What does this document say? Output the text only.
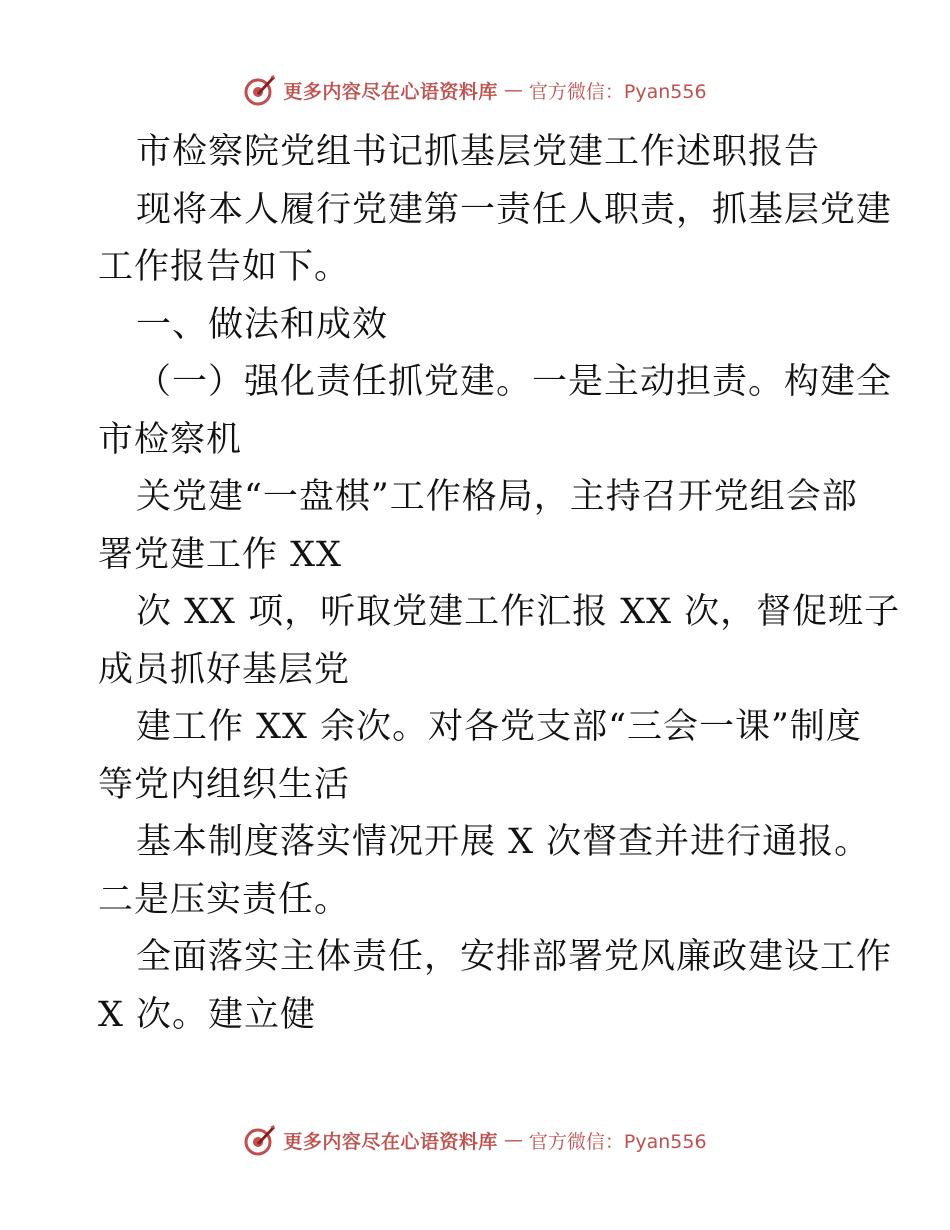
更多内容尽在心语资料库 — 官方微信：Pyan556
市检察院党组书记抓基层党建工作述职报告
现将本人履行党建第一责任人职责，抓基层党建
工作报告如下。
一、做法和成效
（一）强化责任抓党建。一是主动担责。构建全
市检察机
关党建“一盘棋”工作格局，主持召开党组会部
署党建工作 XX
次 XX 项，听取党建工作汇报 XX 次，督促班子
成员抓好基层党
建工作 XX 余次。对各党支部“三会一课”制度
等党内组织生活
基本制度落实情况开展 X 次督查并进行通报。
二是压实责任。
全面落实主体责任，安排部署党风廉政建设工作
X 次。建立健
更多内容尽在心语资料库 — 官方微信：Pyan556
